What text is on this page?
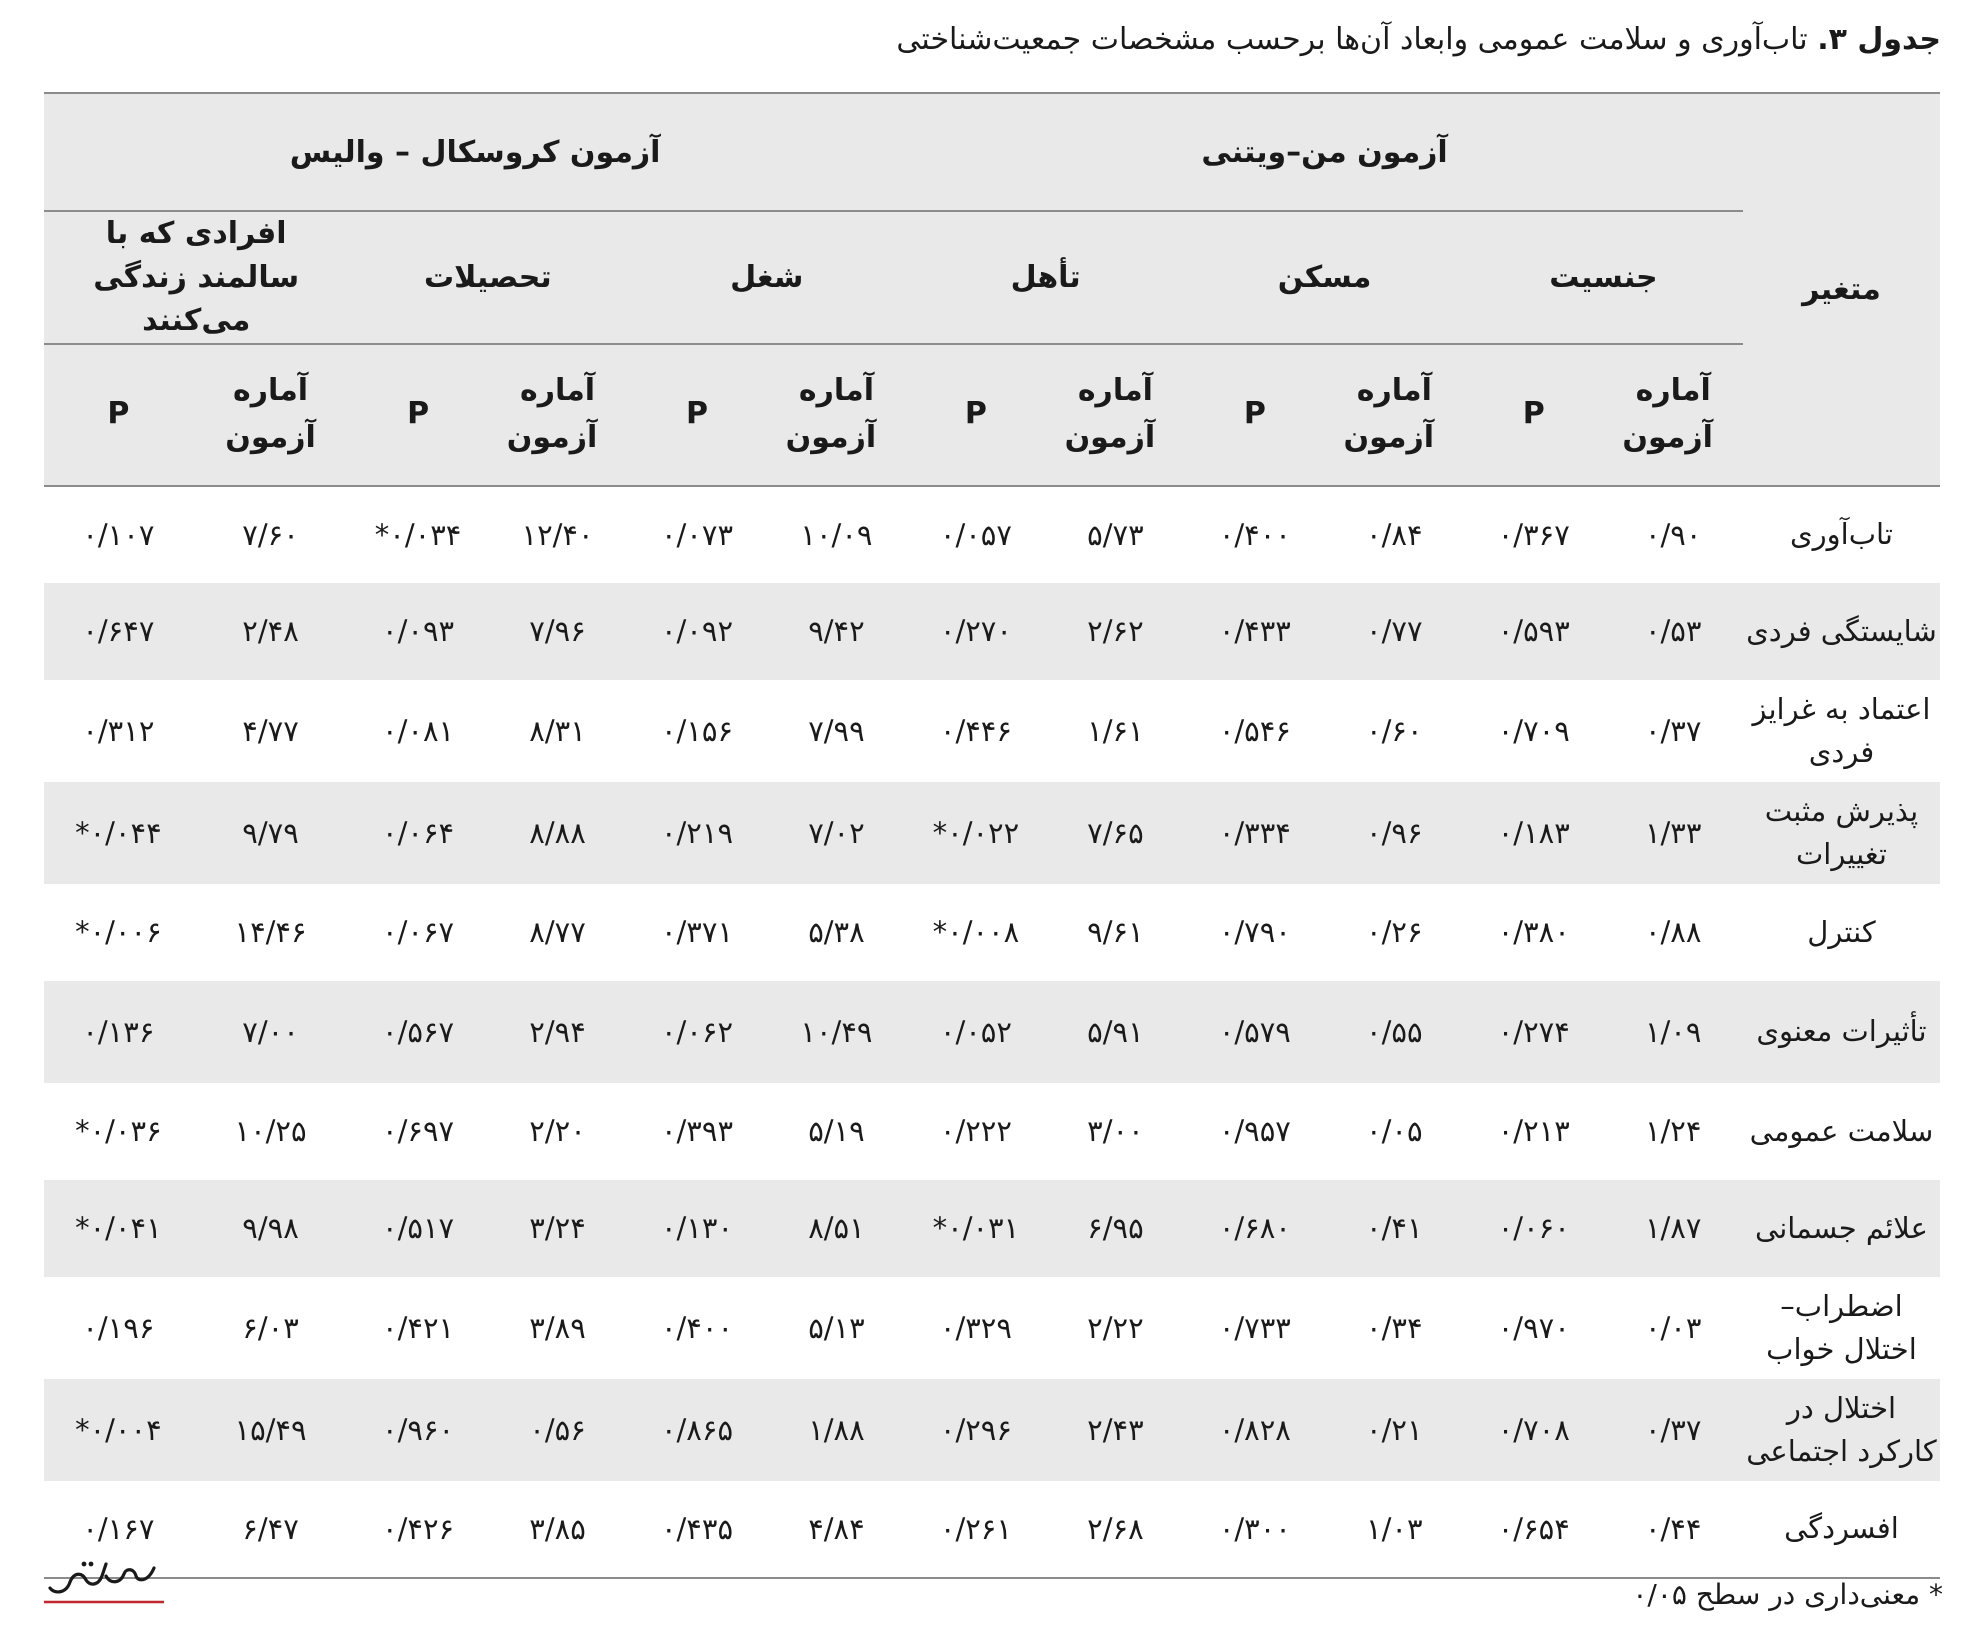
جدول ۳. تاب‌آوری و سلامت عمومی وابعاد آن‌ها برحسب مشخصات جمعیت‌شناختی
متغیر	آزمون من–ویتنی						آزمون کروسکال – والیس					
	جنسیت		مسکن		تأهل		شغل		تحصیلات		افرادی که با سالمند زندگی می‌کنند	
	آماره آزمون	P	آماره آزمون	P	آماره آزمون	P	آماره آزمون	P	آماره آزمون	P	آماره آزمون	P
تاب‌آوری	۰/۹۰	۰/۳۶۷	۰/۸۴	۰/۴۰۰	۵/۷۳	۰/۰۵۷	۱۰/۰۹	۰/۰۷۳	۱۲/۴۰	۰/۰۳۴*	۷/۶۰	۰/۱۰۷
شایستگی فردی	۰/۵۳	۰/۵۹۳	۰/۷۷	۰/۴۳۳	۲/۶۲	۰/۲۷۰	۹/۴۲	۰/۰۹۲	۷/۹۶	۰/۰۹۳	۲/۴۸	۰/۶۴۷
اعتماد به غرایز فردی	۰/۳۷	۰/۷۰۹	۰/۶۰	۰/۵۴۶	۱/۶۱	۰/۴۴۶	۷/۹۹	۰/۱۵۶	۸/۳۱	۰/۰۸۱	۴/۷۷	۰/۳۱۲
پذیرش مثبت تغییرات	۱/۳۳	۰/۱۸۳	۰/۹۶	۰/۳۳۴	۷/۶۵	۰/۰۲۲*	۷/۰۲	۰/۲۱۹	۸/۸۸	۰/۰۶۴	۹/۷۹	۰/۰۴۴*
کنترل	۰/۸۸	۰/۳۸۰	۰/۲۶	۰/۷۹۰	۹/۶۱	۰/۰۰۸*	۵/۳۸	۰/۳۷۱	۸/۷۷	۰/۰۶۷	۱۴/۴۶	۰/۰۰۶*
تأثیرات معنوی	۱/۰۹	۰/۲۷۴	۰/۵۵	۰/۵۷۹	۵/۹۱	۰/۰۵۲	۱۰/۴۹	۰/۰۶۲	۲/۹۴	۰/۵۶۷	۷/۰۰	۰/۱۳۶
سلامت عمومی	۱/۲۴	۰/۲۱۳	۰/۰۵	۰/۹۵۷	۳/۰۰	۰/۲۲۲	۵/۱۹	۰/۳۹۳	۲/۲۰	۰/۶۹۷	۱۰/۲۵	۰/۰۳۶*
علائم جسمانی	۱/۸۷	۰/۰۶۰	۰/۴۱	۰/۶۸۰	۶/۹۵	۰/۰۳۱*	۸/۵۱	۰/۱۳۰	۳/۲۴	۰/۵۱۷	۹/۹۸	۰/۰۴۱*
اضطراب– اختلال خواب	۰/۰۳	۰/۹۷۰	۰/۳۴	۰/۷۳۳	۲/۲۲	۰/۳۲۹	۵/۱۳	۰/۴۰۰	۳/۸۹	۰/۴۲۱	۶/۰۳	۰/۱۹۶
اختلال در کارکرد اجتماعی	۰/۳۷	۰/۷۰۸	۰/۲۱	۰/۸۲۸	۲/۴۳	۰/۲۹۶	۱/۸۸	۰/۸۶۵	۰/۵۶	۰/۹۶۰	۱۵/۴۹	۰/۰۰۴*
افسردگی	۰/۴۴	۰/۶۵۴	۱/۰۳	۰/۳۰۰	۲/۶۸	۰/۲۶۱	۴/۸۴	۰/۴۳۵	۳/۸۵	۰/۴۲۶	۶/۴۷	۰/۱۶۷
* معنی‌داری در سطح ۰/۰۵
